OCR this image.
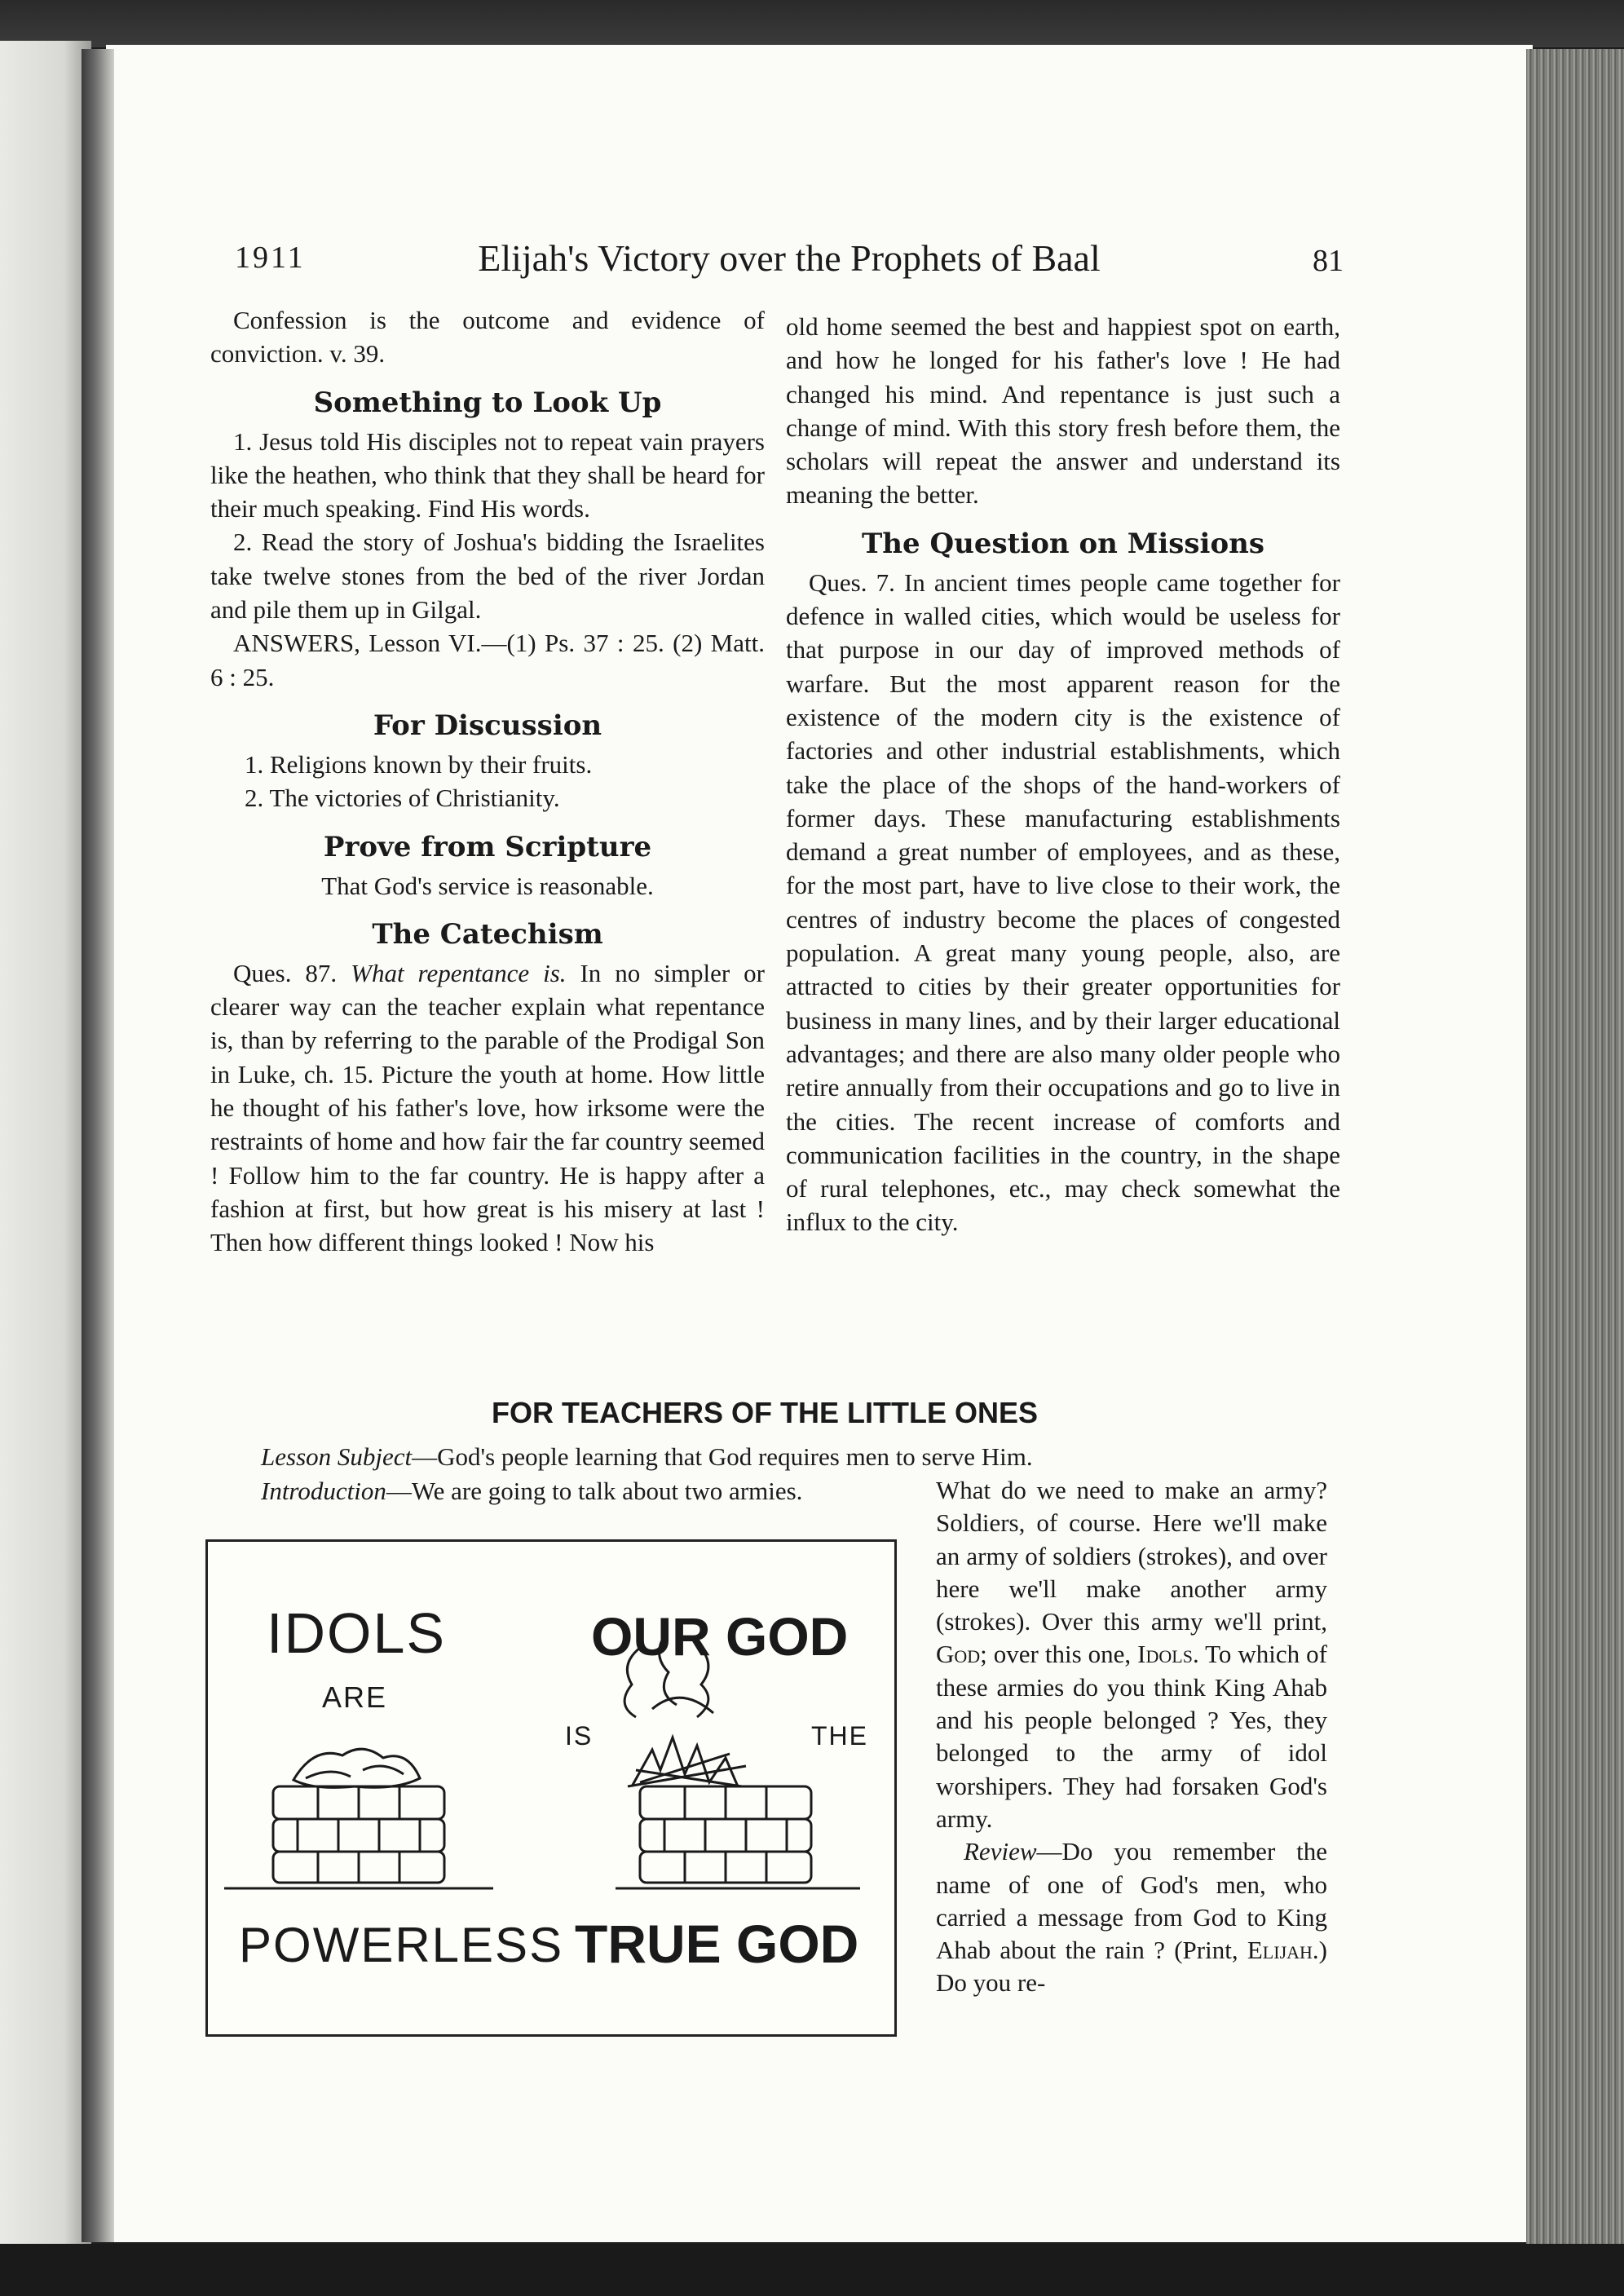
1911	Elijah's Victory over the Prophets of Baal	81

Confession is the outcome and evidence of conviction. v. 39.

Something to Look Up

1. Jesus told His disciples not to repeat vain prayers like the heathen, who think that they shall be heard for their much speaking. Find His words.

2. Read the story of Joshua's bidding the Israelites take twelve stones from the bed of the river Jordan and pile them up in Gilgal.

ANSWERS, Lesson VI.—(1) Ps. 37 : 25. (2) Matt. 6 : 25.

For Discussion
1. Religions known by their fruits.
2. The victories of Christianity.
Prove from Scripture

That God's service is reasonable.

The Catechism

Ques. 87. What repentance is. In no simpler or clearer way can the teacher explain what repentance is, than by referring to the parable of the Prodigal Son in Luke, ch. 15. Picture the youth at home. How little he thought of his father's love, how irksome were the restraints of home and how fair the far country seemed ! Follow him to the far country. He is happy after a fashion at first, but how great is his misery at last ! Then how different things looked ! Now his

old home seemed the best and happiest spot on earth, and how he longed for his father's love ! He had changed his mind. And repentance is just such a change of mind. With this story fresh before them, the scholars will repeat the answer and understand its meaning the better.

The Question on Missions

Ques. 7. In ancient times people came together for defence in walled cities, which would be useless for that purpose in our day of improved methods of warfare. But the most apparent reason for the existence of the modern city is the existence of factories and other industrial establishments, which take the place of the shops of the hand-workers of former days. These manufacturing establishments demand a great number of employees, and as these, for the most part, have to live close to their work, the centres of industry become the places of congested population. A great many young people, also, are attracted to cities by their greater opportunities for business in many lines, and by their larger educational advantages; and there are also many older people who retire annually from their occupations and go to live in the cities. The recent increase of comforts and communication facilities in the country, in the shape of rural telephones, etc., may check somewhat the influx to the city.

FOR TEACHERS OF THE LITTLE ONES

Lesson Subject—God's people learning that God requires men to serve Him.

Introduction—We are going to talk about two armies.	What do we need to make an army? Soldiers, of course. Here we'll make an army of soldiers (strokes), and over here we'll make another army (strokes). Over this army we'll print, God; over this one, Idols. To which of these armies do you think King Ahab and his people belonged ? Yes, they belonged to the army of idol worshipers. They had forsaken God's army.

Review—Do you remember the name of one of God's men, who carried a message from God to King Ahab about the rain ? (Print, Elijah.) Do you re-

IDOLS
ARE
OUR GOD
IS	THE
POWERLESS TRUE GOD
